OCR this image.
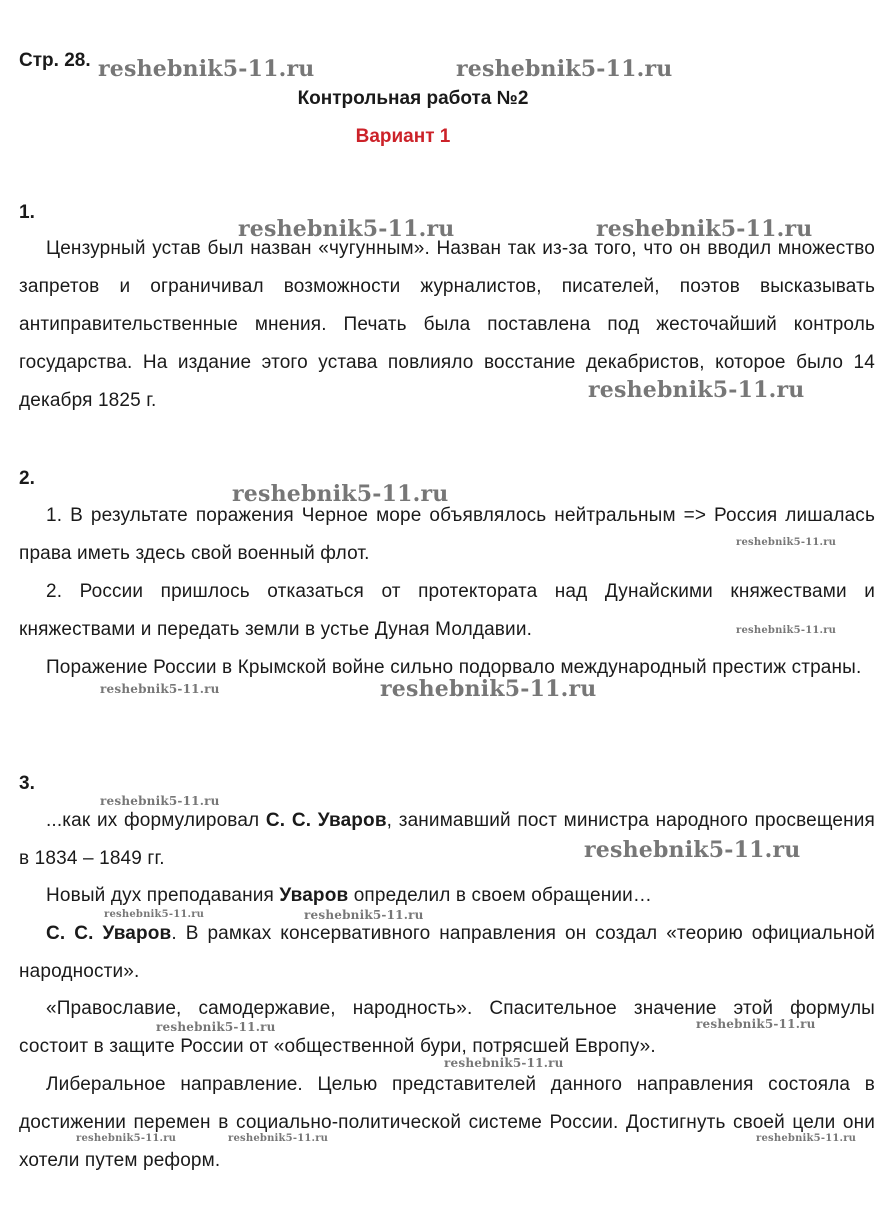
Стр. 28.
Контрольная работа №2
Вариант 1
1.

Цензурный устав был назван «чугунным». Назван так из-за того, что он вводил множество запретов и ограничивал возможности журналистов, писателей, поэтов высказывать антиправительственные мнения. Печать была поставлена под жесточайший контроль государства. На издание этого устава повлияло восстание декабристов, которое было 14 декабря 1825 г.

2.

1. В результате поражения Черное море объявлялось нейтральным => Россия лишалась права иметь здесь свой военный флот.

2. России пришлось отказаться от протектората над Дунайскими княжествами и княжествами и передать земли в устье Дуная Молдавии.

Поражение России в Крымской войне сильно подорвало международный престиж страны.

3.

...как их формулировал С. С. Уваров, занимавший пост министра народного просвещения в 1834 – 1849 гг.

Новый дух преподавания Уваров определил в своем обращении…

С. С. Уваров. В рамках консервативного направления он создал «теорию официальной народности».

«Православие, самодержавие, народность». Спасительное значение этой формулы состоит в защите России от «общественной бури, потрясшей Европу».

Либеральное направление. Целью представителей данного направления состояла в достижении перемен в социально-политической системе России. Достигнуть своей цели они хотели путем реформ.

reshebnik5-11.ru	reshebnik5-11.ru
reshebnik5-11.ru	reshebnik5-11.ru
reshebnik5-11.ru
reshebnik5-11.ru
reshebnik5-11.ru
reshebnik5-11.ru
reshebnik5-11.ru	reshebnik5-11.ru
reshebnik5-11.ru
reshebnik5-11.ru
reshebnik5-11.ru	reshebnik5-11.ru
reshebnik5-11.ru	reshebnik5-11.ru
reshebnik5-11.ru
reshebnik5-11.ru	reshebnik5-11.ru	reshebnik5-11.ru
